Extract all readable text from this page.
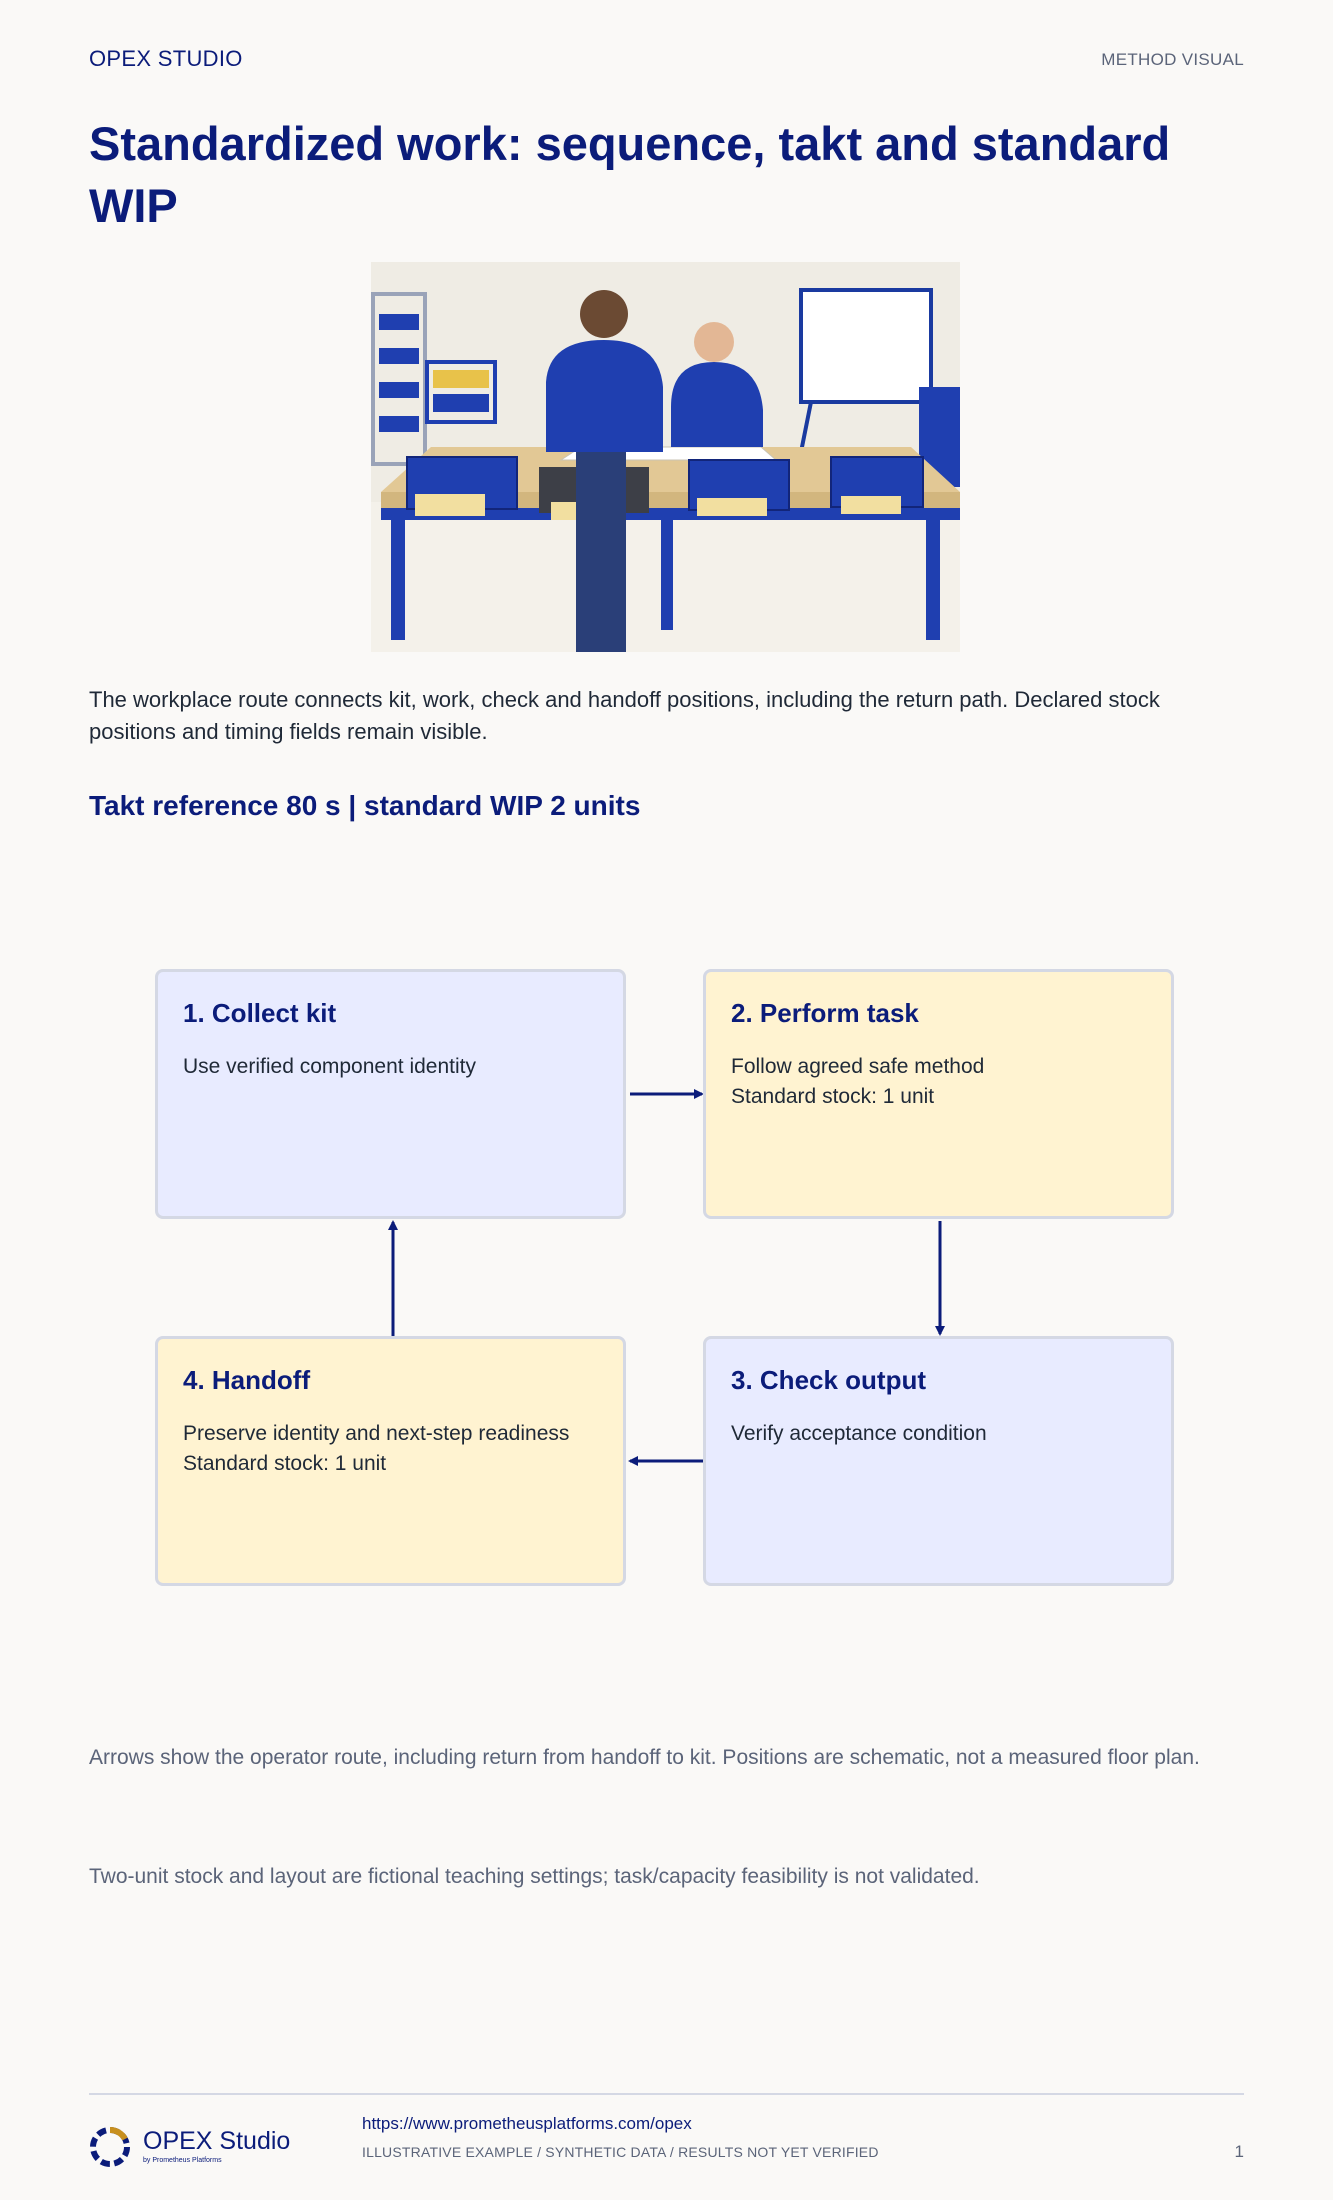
OPEX STUDIO	METHOD VISUAL
Standardized work: sequence, takt and standard WIP

The workplace route connects kit, work, check and handoff positions, including the return path. Declared stock positions and timing fields remain visible.

Takt reference 80 s | standard WIP 2 units
1. Collect kit

Use verified component identity

2. Perform task

Follow agreed safe method

Standard stock: 1 unit

3. Check output

Verify acceptance condition

4. Handoff

Preserve identity and next-step readiness

Standard stock: 1 unit

Arrows show the operator route, including return from handoff to kit. Positions are schematic, not a measured floor plan.

Two-unit stock and layout are fictional teaching settings; task/capacity feasibility is not validated.

OPEX Studio
by Prometheus Platforms
https://www.prometheusplatforms.com/opex
ILLUSTRATIVE EXAMPLE / SYNTHETIC DATA / RESULTS NOT YET VERIFIED	1
